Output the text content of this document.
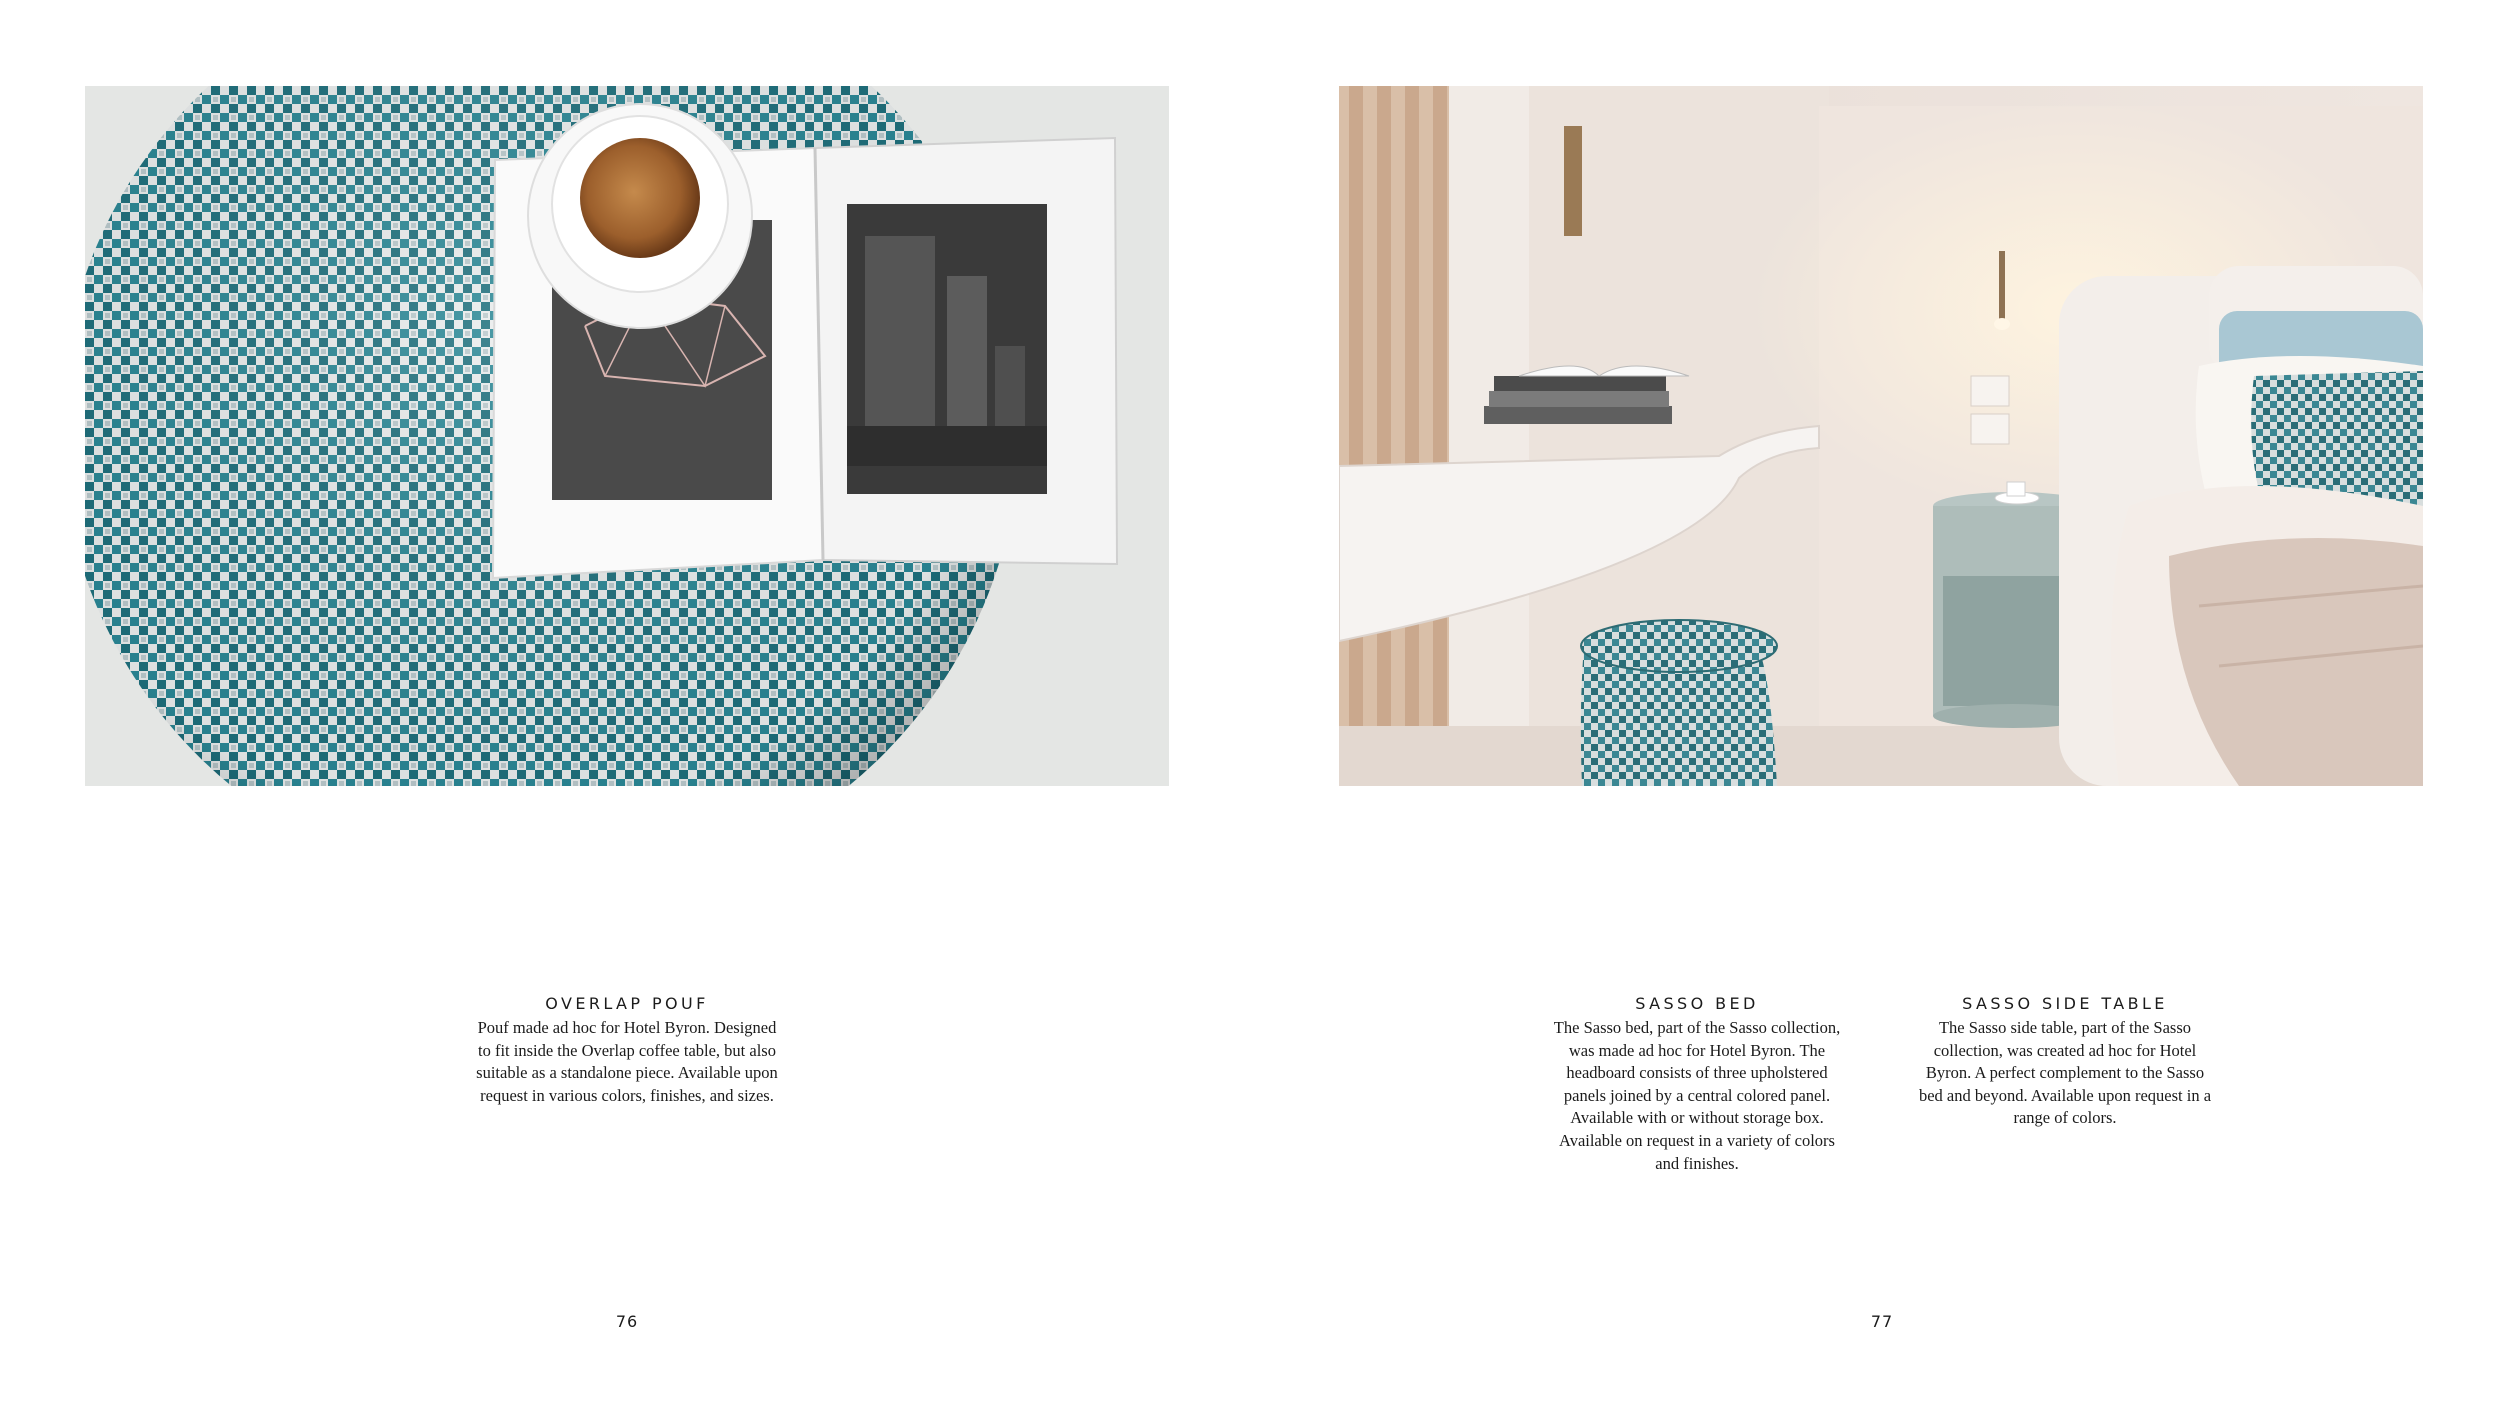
OVERLAP POUF

Pouf made ad hoc for Hotel Byron. Designed
to fit inside the Overlap coffee table, but also
suitable as a standalone piece. Available upon
request in various colors, finishes, and sizes.

SASSO BED

The Sasso bed, part of the Sasso collection,
was made ad hoc for Hotel Byron. The
headboard consists of three upholstered
panels joined by a central colored panel.
Available with or without storage box.
Available on request in a variety of colors
and finishes.

SASSO SIDE TABLE

The Sasso side table, part of the Sasso
collection, was created ad hoc for Hotel
Byron. A perfect complement to the Sasso
bed and beyond. Available upon request in a
range of colors.

76	77
